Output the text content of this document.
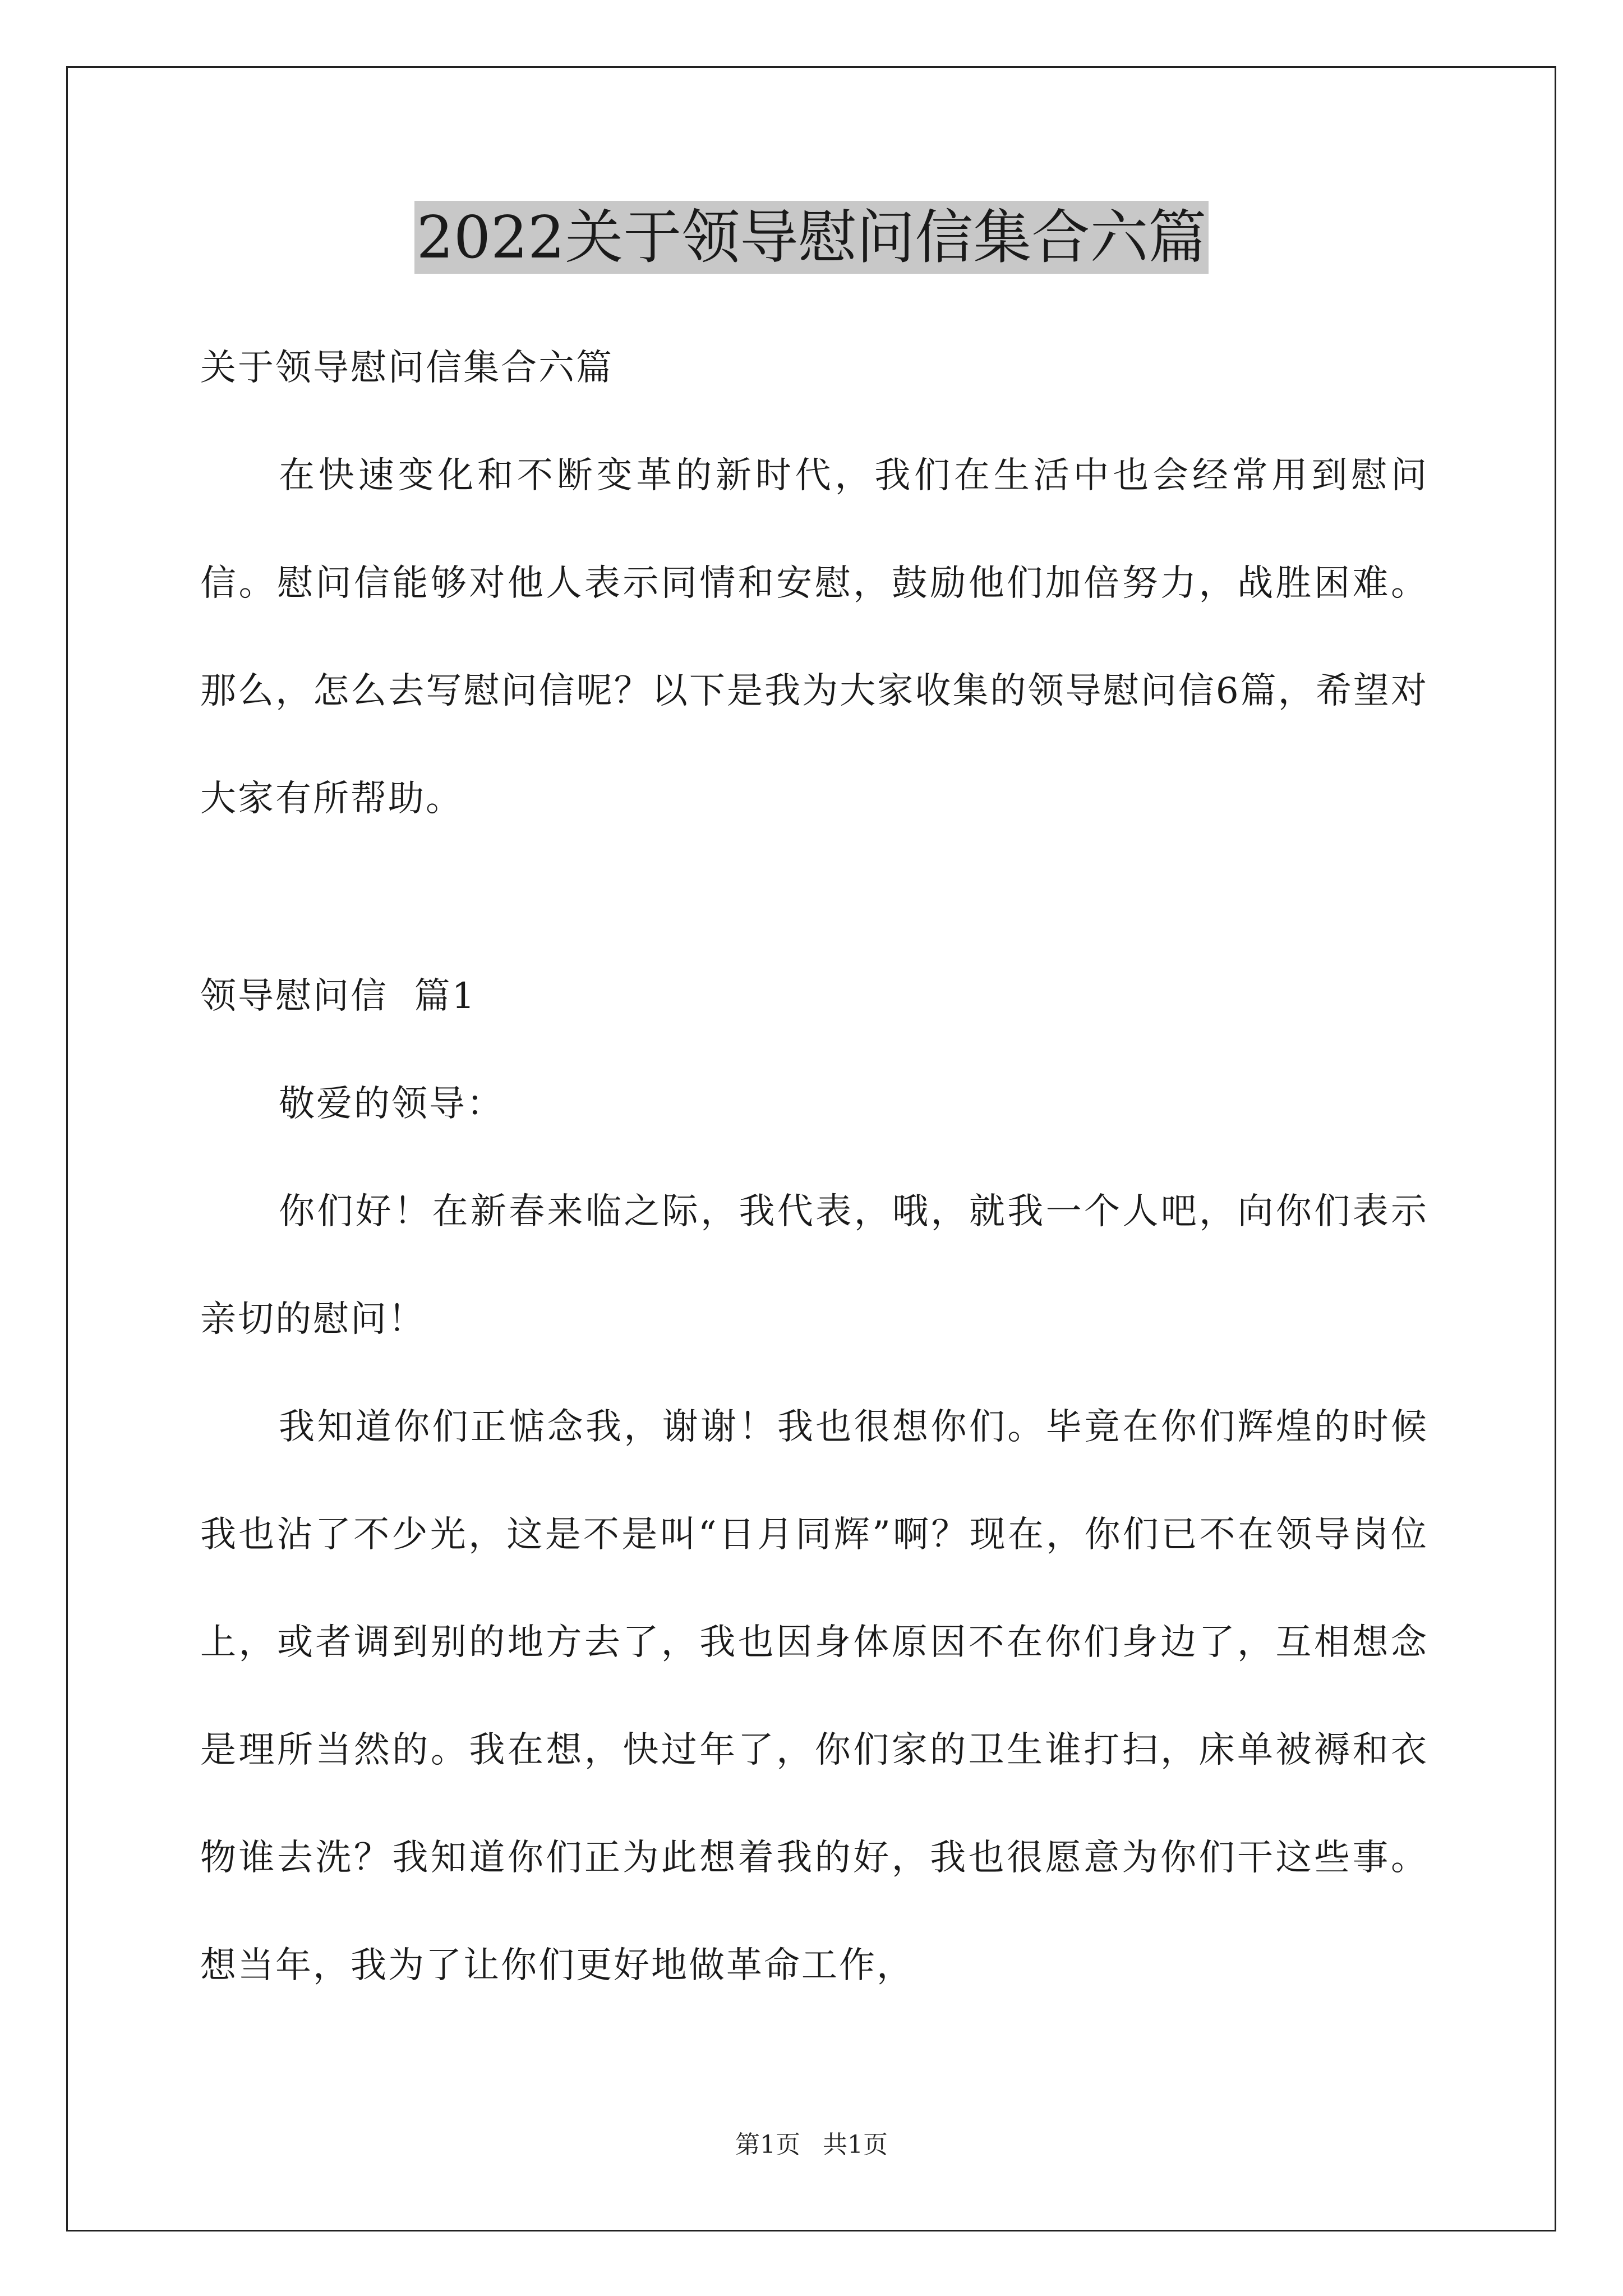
2022关于领导慰问信集合六篇

关于领导慰问信集合六篇

在快速变化和不断变革的新时代，我们在生活中也会经常用到慰问信。慰问信能够对他人表示同情和安慰，鼓励他们加倍努力，战胜困难。那么，怎么去写慰问信呢？以下是我为大家收集的领导慰问信6篇，希望对大家有所帮助。

领导慰问信  篇1

敬爱的领导：

你们好！在新春来临之际，我代表，哦，就我一个人吧，向你们表示亲切的慰问！

我知道你们正惦念我，谢谢！我也很想你们。毕竟在你们辉煌的时候我也沾了不少光，这是不是叫“日月同辉”啊？现在，你们已不在领导岗位上，或者调到别的地方去了，我也因身体原因不在你们身边了，互相想念是理所当然的。我在想，快过年了，你们家的卫生谁打扫，床单被褥和衣物谁去洗？我知道你们正为此想着我的好，我也很愿意为你们干这些事。想当年，我为了让你们更好地做革命工作，

第1页 共1页
